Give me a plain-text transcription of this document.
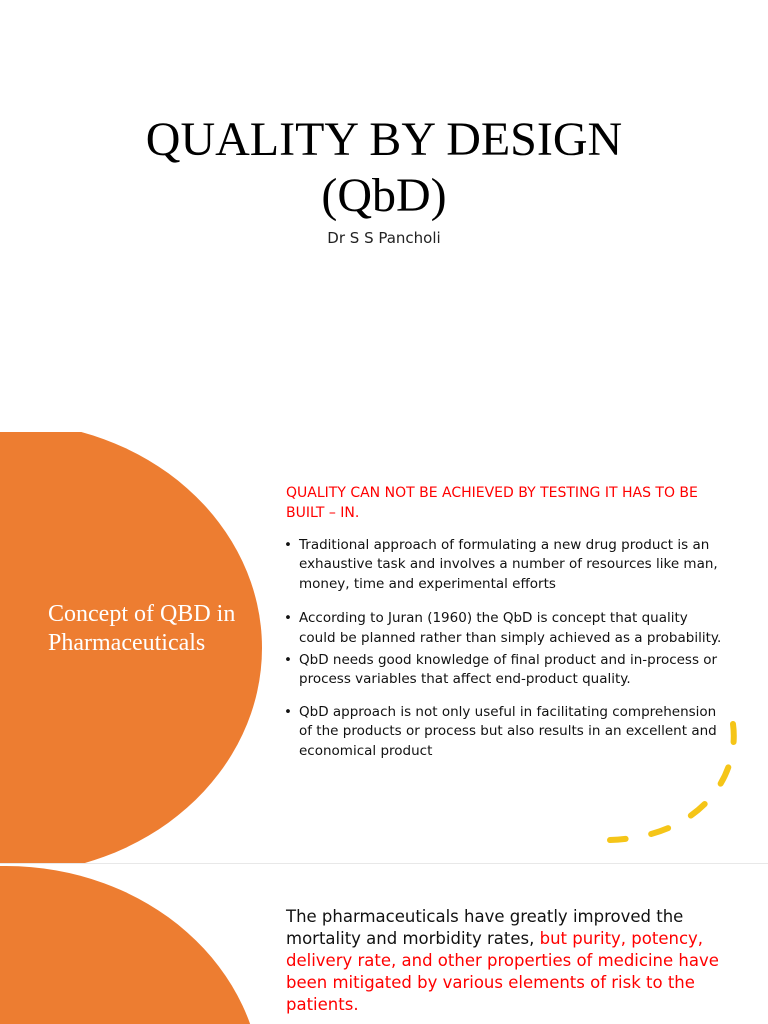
QUALITY BY DESIGN
(QbD)
Dr S S Pancholi
Concept of QBD in Pharmaceuticals
QUALITY CAN NOT BE ACHIEVED BY TESTING IT HAS TO BE BUILT – IN.
• Traditional approach of formulating a new drug product is an exhaustive task and involves a number of resources like man, money, time and experimental efforts
• According to Juran (1960) the QbD is concept that quality could be planned rather than simply achieved as a probability.
• QbD needs good knowledge of final product and in-process or process variables that affect end-product quality.
• QbD approach is not only useful in facilitating comprehension of the products or process but also results in an excellent and economical product
The pharmaceuticals have greatly improved the mortality and morbidity rates, but purity, potency, delivery rate, and other properties of medicine have been mitigated by various elements of risk to the patients.
